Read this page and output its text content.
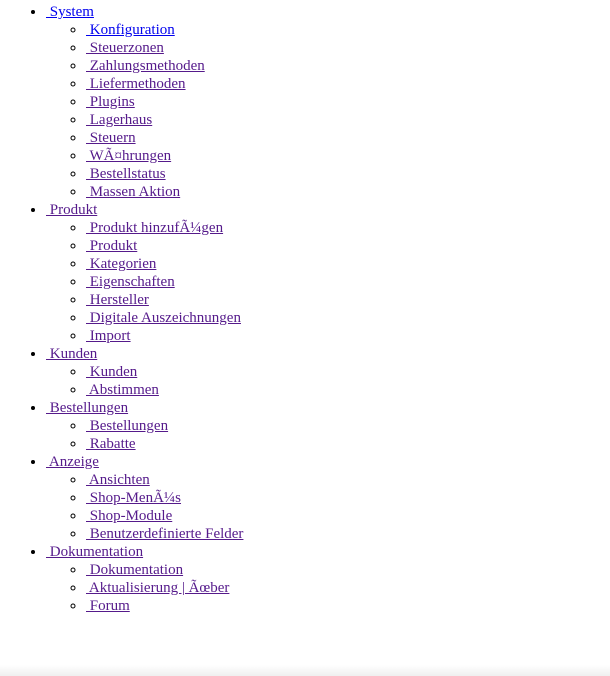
•  System
◦  Konfiguration
◦  Steuerzonen
◦  Zahlungsmethoden
◦  Liefermethoden
◦  Plugins
◦  Lagerhaus
◦  Steuern
◦  WÃ¤hrungen
◦  Bestellstatus
◦  Massen Aktion
•  Produkt
◦  Produkt hinzufÃ¼gen
◦  Produkt
◦  Kategorien
◦  Eigenschaften
◦  Hersteller
◦  Digitale Auszeichnungen
◦  Import
•  Kunden
◦  Kunden
◦  Abstimmen
•  Bestellungen
◦  Bestellungen
◦  Rabatte
•  Anzeige
◦  Ansichten
◦  Shop-MenÃ¼s
◦  Shop-Module
◦  Benutzerdefinierte Felder
•  Dokumentation
◦  Dokumentation
◦  Aktualisierung | Ãœber
◦  Forum
